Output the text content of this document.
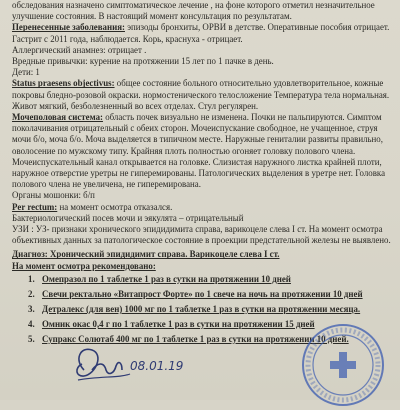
обследования назначено симптоматическое лечение , на фоне которого отметил незначительное
улучшение состояния. В настоящий момент консультация по результатам.
Перенесенные заболевания: эпизоды бронхиты, ОРВИ в детстве. Оперативные пособия отрицает.
Гастрит с 2011 года, наблюдается. Корь, краснуха - отрицает.
Аллергический анамнез: отрицает .
Вредные привычки: курение на протяжении 15 лет по 1 пачке в день.
Дети: 1
Status praesens objectivus: общее состояние больного относительно удовлетворительное, кожные
покровы бледно-розовой окраски. нормостенического телосложение Температура тела нормальная.
Живот мягкий, безболезненный во всех отделах. Стул регулярен.
Мочеполовая система: область почек визуально не изменена. Почки не пальпируются. Симптом
поколачивания отрицательный с обеих сторон. Мочеиспускание свободное, не учащенное, струя
мочи б/о, моча б/о. Моча выделяется в типичном месте. Наружные гениталии развиты правильно,
оволосение по мужскому типу. Крайняя плоть полностью огоняет головку полового члена.
Мочеиспускательный канал открывается на головке. Слизистая наружного листка крайней плоти,
наружное отверстие уретры не гиперемированы. Патологических выделения в уретре нет. Головка
полового члена не увеличена, не гиперемирована.
Органы мошонки: б/п
Per rectum: на момент осмотра отказался.
Бактериологический посев мочи и эякулята – отрицательный
УЗИ : УЗ- признаки хронического эпидидимита справа, варикоцеле слева I ст. На момент осмотра
объективных данных за патологическое состояние в проекции предстательной железы не выявлено.
Диагноз: Хронический эпидидимит справа. Варикоцеле слева I ст.
На момент осмотра рекомендовано:
1. Омепразол по 1 таблетке 1 раз в сутки на протяжении 10 дней
2. Свечи ректально «Витапрост Форте» по 1 свече на ночь на протяжении 10 дней
3. Детралекс (для вен) 1000 мг по 1 таблетке 1 раз в сутки на протяжении месяца.
4. Омник окас 0,4 г по 1 таблетке 1 раз в сутки на протяжении 15 дней
5. Супракс Солютаб 400 мг по 1 таблетке 1 раз в сутки на протяжении 10 дней.
08.01.19
